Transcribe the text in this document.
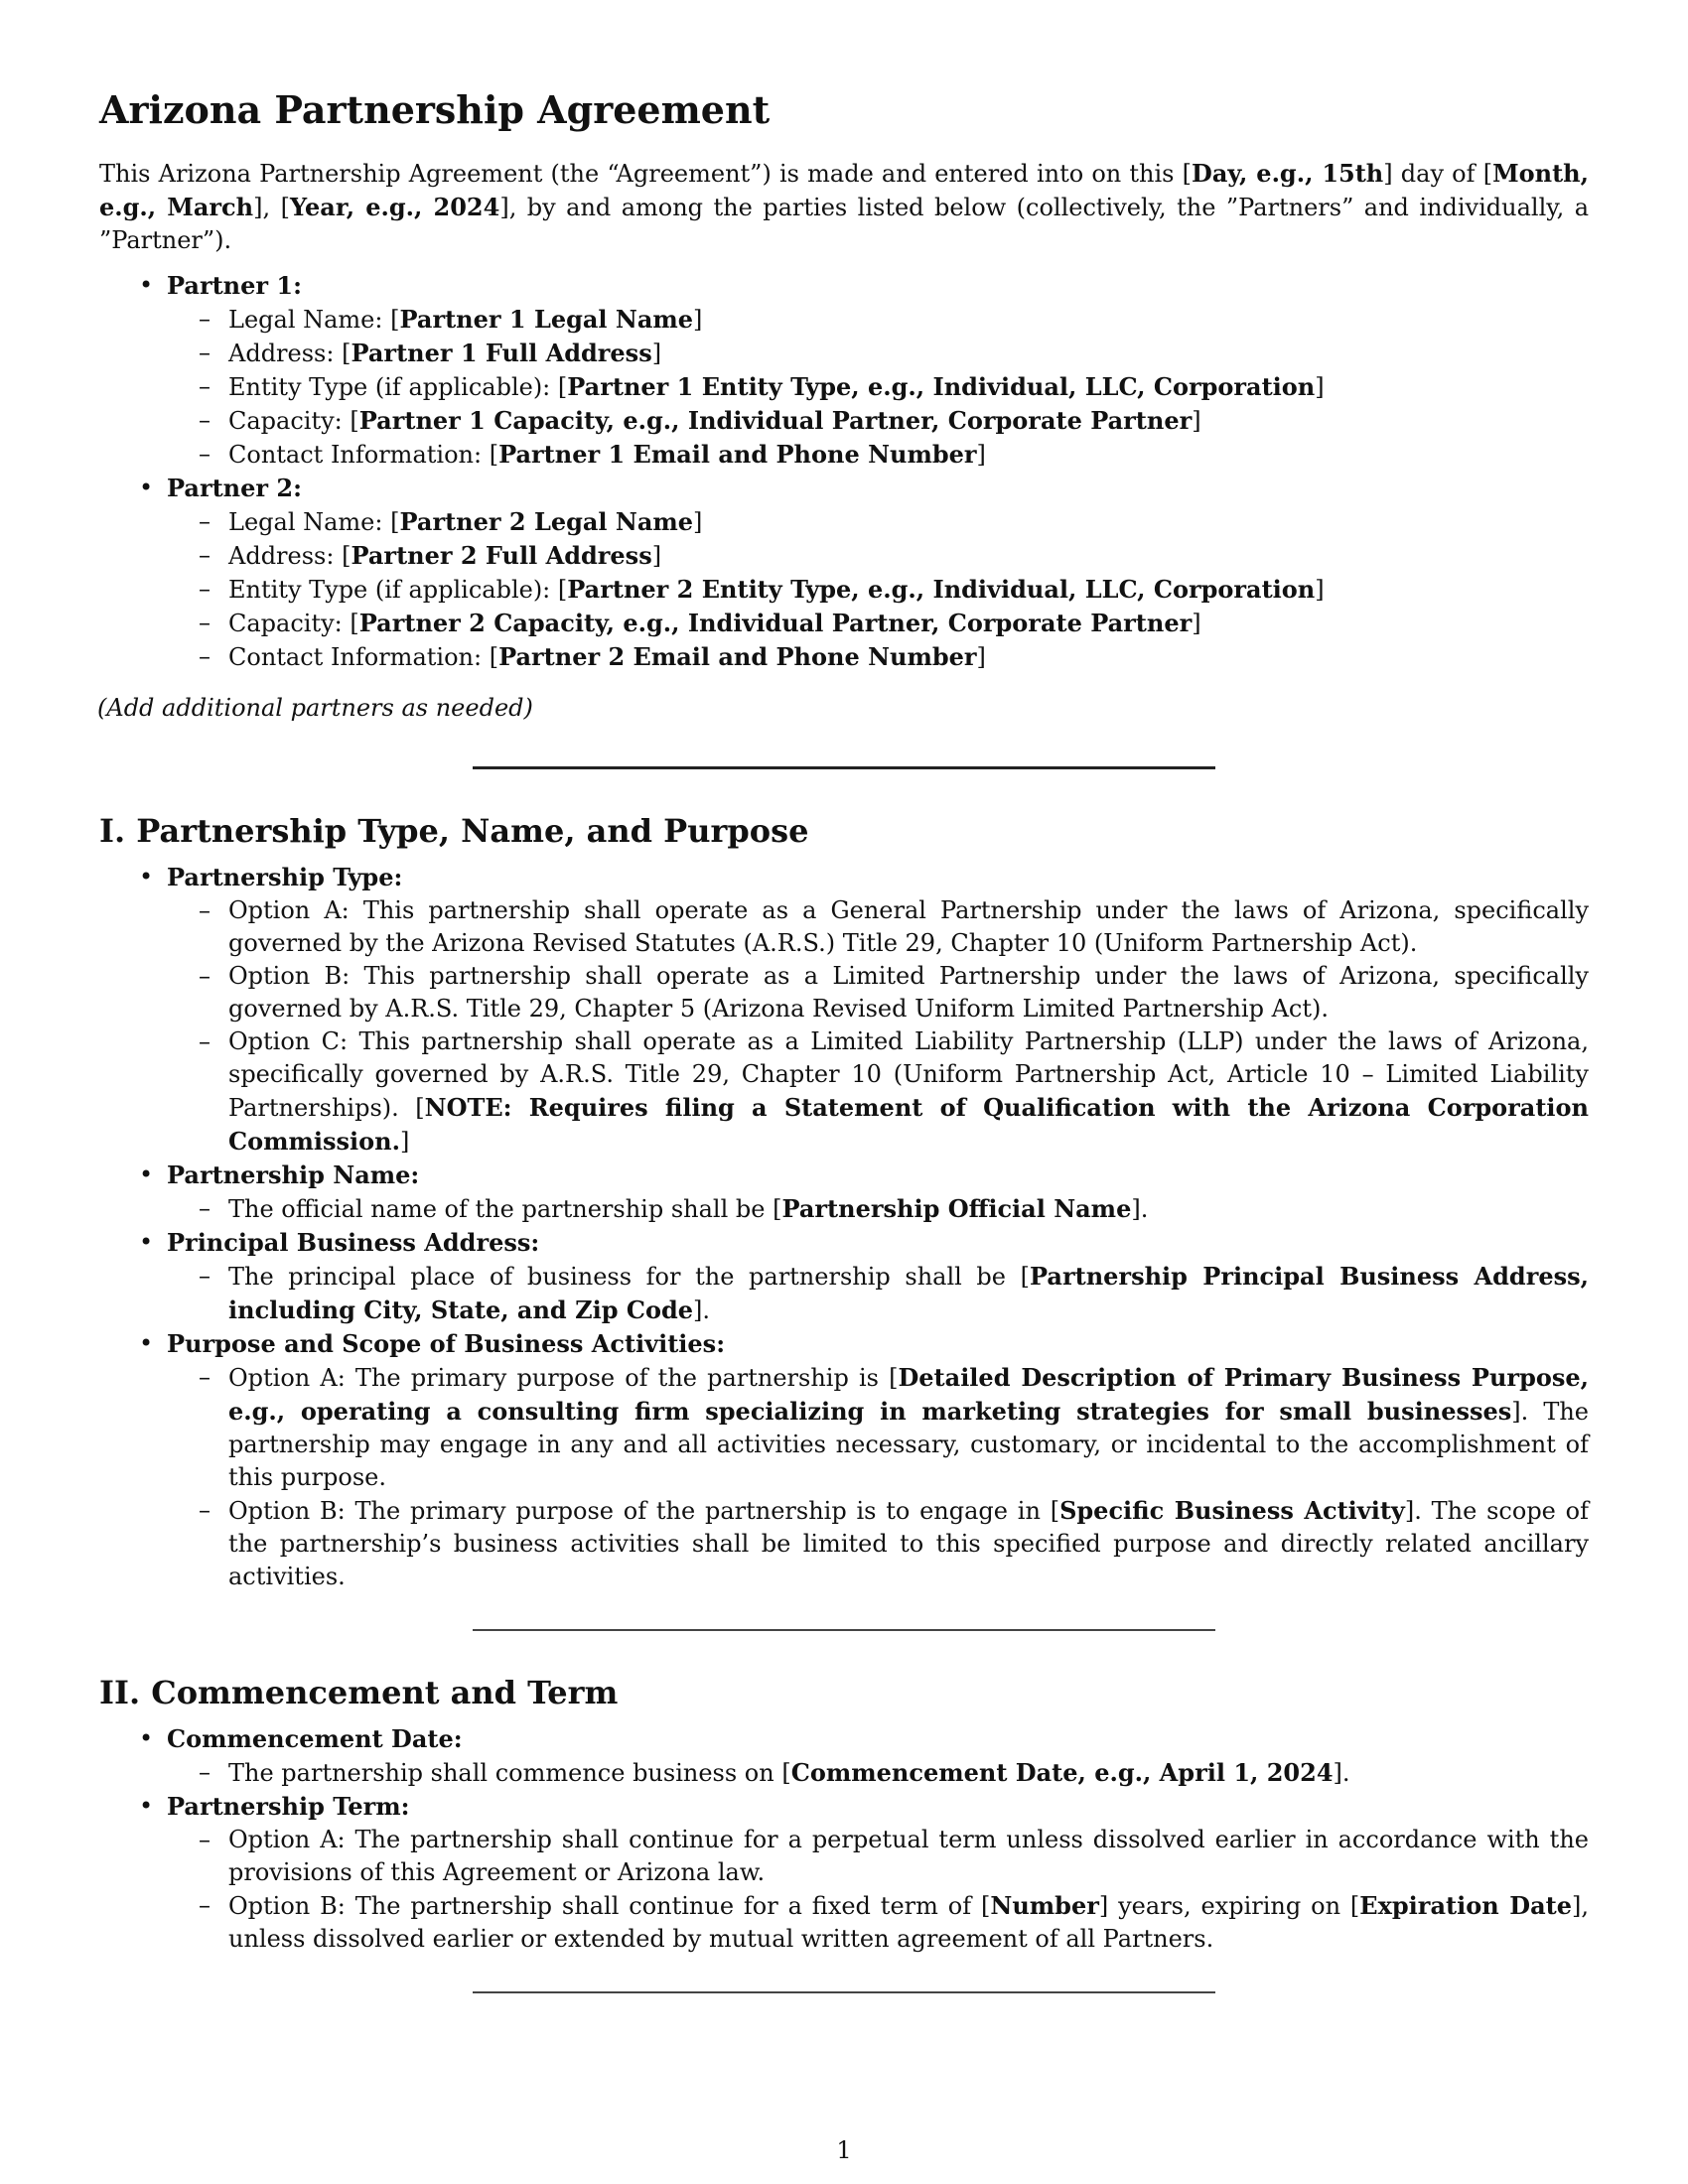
Arizona Partnership Agreement

This Arizona Partnership Agreement (the “Agreement”) is made and entered into on this [Day, e.g., 15th] day of [Month, e.g., March], [Year, e.g., 2024], by and among the parties listed below (collectively, the ”Partners” and individually, a ”Partner”).

• Partner 1:
– Legal Name: [Partner 1 Legal Name]
– Address: [Partner 1 Full Address]
– Entity Type (if applicable): [Partner 1 Entity Type, e.g., Individual, LLC, Corporation]
– Capacity: [Partner 1 Capacity, e.g., Individual Partner, Corporate Partner]
– Contact Information: [Partner 1 Email and Phone Number]
• Partner 2:
– Legal Name: [Partner 2 Legal Name]
– Address: [Partner 2 Full Address]
– Entity Type (if applicable): [Partner 2 Entity Type, e.g., Individual, LLC, Corporation]
– Capacity: [Partner 2 Capacity, e.g., Individual Partner, Corporate Partner]
– Contact Information: [Partner 2 Email and Phone Number]

(Add additional partners as needed)

I. Partnership Type, Name, and Purpose
• Partnership Type:
– Option A: This partnership shall operate as a General Partnership under the laws of Arizona, specifically governed by the Arizona Revised Statutes (A.R.S.) Title 29, Chapter 10 (Uniform Partnership Act).
– Option B: This partnership shall operate as a Limited Partnership under the laws of Arizona, specifically governed by A.R.S. Title 29, Chapter 5 (Arizona Revised Uniform Limited Partnership Act).
– Option C: This partnership shall operate as a Limited Liability Partnership (LLP) under the laws of Arizona, specifically governed by A.R.S. Title 29, Chapter 10 (Uniform Partnership Act, Article 10 – Limited Liability Partnerships). [NOTE: Requires filing a Statement of Qualification with the Arizona Corporation Commission.]
• Partnership Name:
– The official name of the partnership shall be [Partnership Official Name].
• Principal Business Address:
– The principal place of business for the partnership shall be [Partnership Principal Business Address, including City, State, and Zip Code].
• Purpose and Scope of Business Activities:
– Option A: The primary purpose of the partnership is [Detailed Description of Primary Business Purpose, e.g., operating a consulting firm specializing in marketing strategies for small businesses]. The partnership may engage in any and all activities necessary, customary, or incidental to the accomplishment of this purpose.
– Option B: The primary purpose of the partnership is to engage in [Specific Business Activity]. The scope of the partnership’s business activities shall be limited to this specified purpose and directly related ancillary activities.
II. Commencement and Term
• Commencement Date:
– The partnership shall commence business on [Commencement Date, e.g., April 1, 2024].
• Partnership Term:
– Option A: The partnership shall continue for a perpetual term unless dissolved earlier in accordance with the provisions of this Agreement or Arizona law.
– Option B: The partnership shall continue for a fixed term of [Number] years, expiring on [Expiration Date], unless dissolved earlier or extended by mutual written agreement of all Partners.
1
